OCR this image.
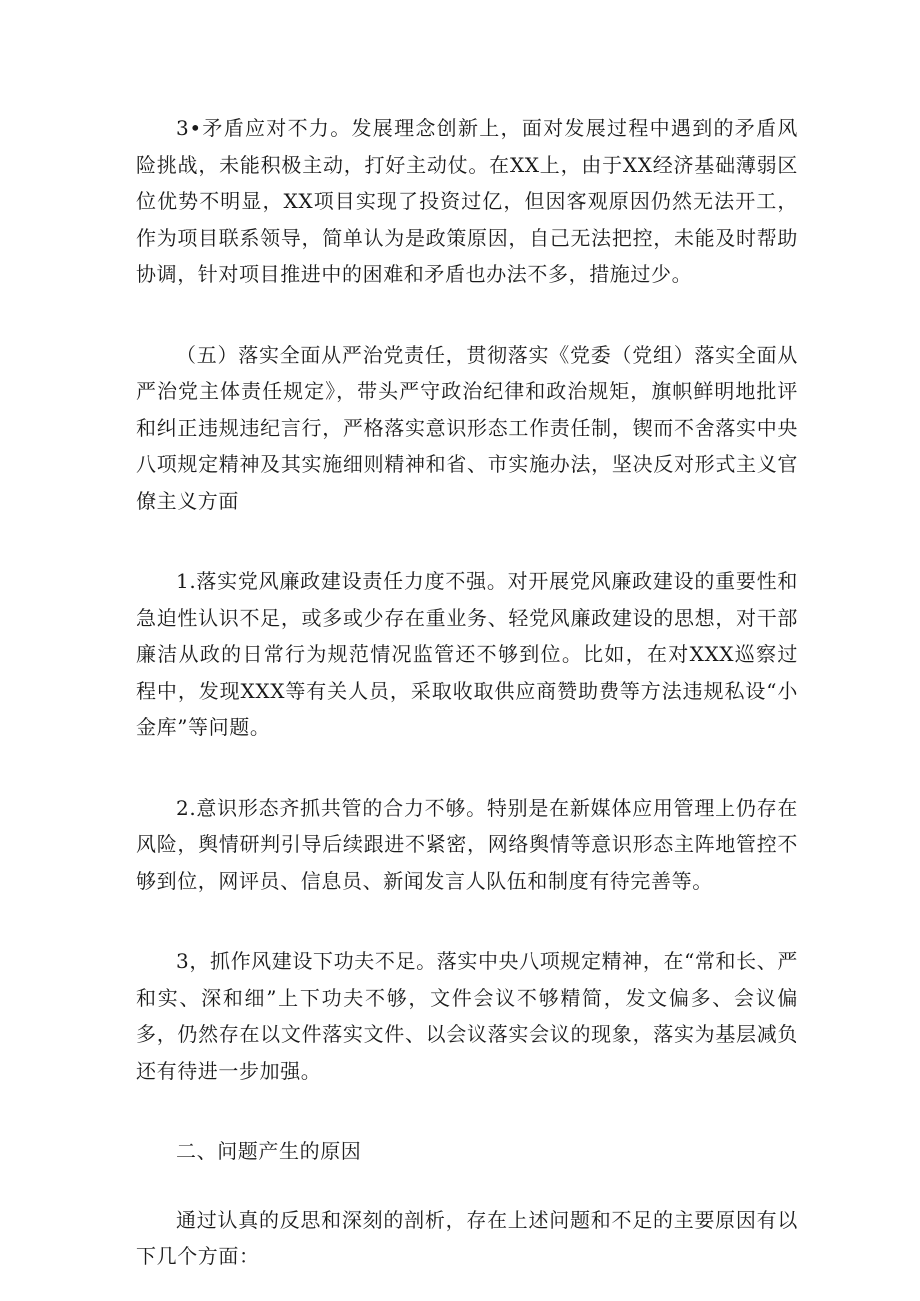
3•矛盾应对不力。发展理念创新上，面对发展过程中遇到的矛盾风险挑战，未能积极主动，打好主动仗。在XX上，由于XX经济基础薄弱区位优势不明显，XX项目实现了投资过亿，但因客观原因仍然无法开工，作为项目联系领导，简单认为是政策原因，自己无法把控，未能及时帮助协调，针对项目推进中的困难和矛盾也办法不多，措施过少。

（五）落实全面从严治党责任，贯彻落实《党委（党组）落实全面从严治党主体责任规定》，带头严守政治纪律和政治规矩，旗帜鲜明地批评和纠正违规违纪言行，严格落实意识形态工作责任制，锲而不舍落实中央八项规定精神及其实施细则精神和省、市实施办法，坚决反对形式主义官僚主义方面

1.落实党风廉政建设责任力度不强。对开展党风廉政建设的重要性和急迫性认识不足，或多或少存在重业务、轻党风廉政建设的思想，对干部廉洁从政的日常行为规范情况监管还不够到位。比如，在对XXX巡察过程中，发现XXX等有关人员，采取收取供应商赞助费等方法违规私设“小金库”等问题。

2.意识形态齐抓共管的合力不够。特别是在新媒体应用管理上仍存在风险，舆情研判引导后续跟进不紧密，网络舆情等意识形态主阵地管控不够到位，网评员、信息员、新闻发言人队伍和制度有待完善等。

3，抓作风建设下功夫不足。落实中央八项规定精神，在“常和长、严和实、深和细”上下功夫不够，文件会议不够精简，发文偏多、会议偏多，仍然存在以文件落实文件、以会议落实会议的现象，落实为基层减负还有待进一步加强。

二、问题产生的原因

通过认真的反思和深刻的剖析，存在上述问题和不足的主要原因有以下几个方面：
